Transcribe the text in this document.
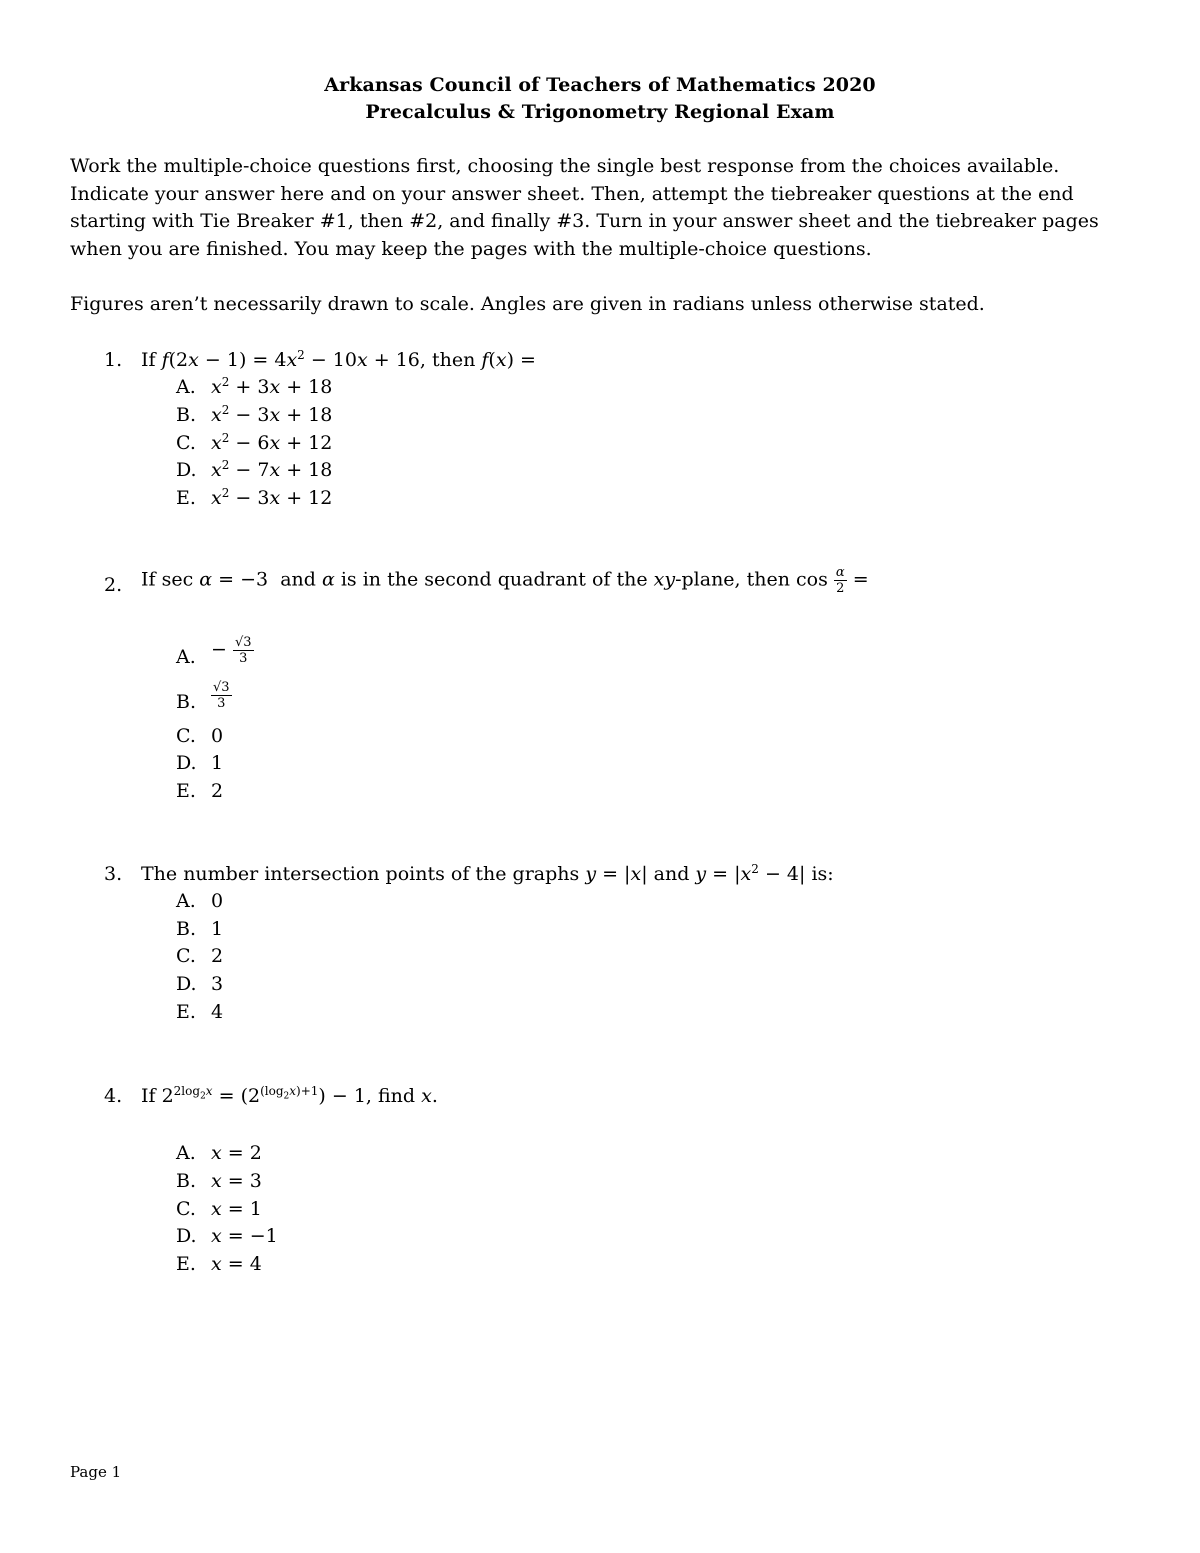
Arkansas Council of Teachers of Mathematics 2020
Precalculus & Trigonometry Regional Exam
Work the multiple-choice questions first, choosing the single best response from the choices available. Indicate your answer here and on your answer sheet. Then, attempt the tiebreaker questions at the end starting with Tie Breaker #1, then #2, and finally #3. Turn in your answer sheet and the tiebreaker pages when you are finished. You may keep the pages with the multiple-choice questions.
Figures aren’t necessarily drawn to scale. Angles are given in radians unless otherwise stated.
1. If $f(2x - 1) = 4x^2 - 10x + 16$, then f(x) =
A. $x^2 + 3x + 18$
B. $x^2 - 3x + 18$
C. $x^2 - 6x + 12$
D. $x^2 - 7x + 18$
E. $x^2 - 3x + 12$
2. If sec α = −3  and α is in the second quadrant of the xy-plane, then $\cos \frac{\alpha}{2}$ =
A. − $\frac{√3}{3}$
B. $\frac{√3}{3}$
C. 0
D. 1
E. 2
3. The number intersection points of the graphs y = |x| and $y = |x^2 - 4|$ is:
A. 0
B. 1
C. 2
D. 3
E. 4
4. If $2^{2log_2x} = (2^{(log_2x)+1}) - 1$, find x.
A. x = 2
B. x = 3
C. x = 1
D. x = −1
E. x = 4
Page 1
